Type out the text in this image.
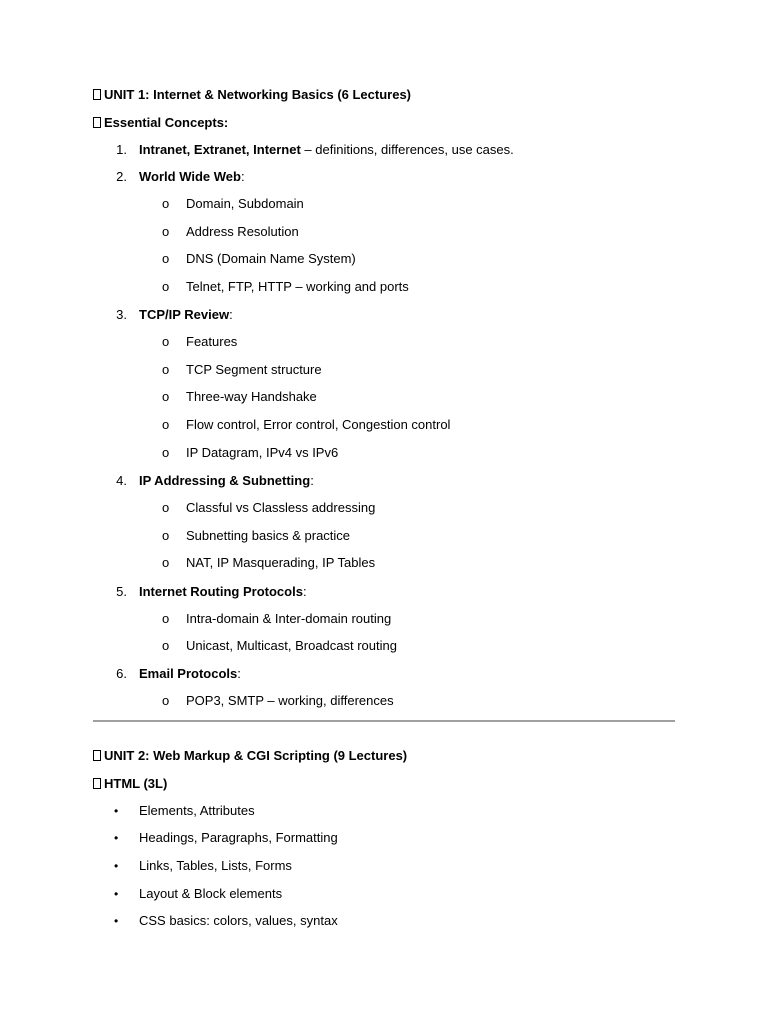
UNIT 1: Internet & Networking Basics (6 Lectures)
Essential Concepts:
1. Intranet, Extranet, Internet – definitions, differences, use cases.
2. World Wide Web:
o Domain, Subdomain
o Address Resolution
o DNS (Domain Name System)
o Telnet, FTP, HTTP – working and ports
3. TCP/IP Review:
o Features
o TCP Segment structure
o Three-way Handshake
o Flow control, Error control, Congestion control
o IP Datagram, IPv4 vs IPv6
4. IP Addressing & Subnetting:
o Classful vs Classless addressing
o Subnetting basics & practice
o NAT, IP Masquerading, IP Tables
5. Internet Routing Protocols:
o Intra-domain & Inter-domain routing
o Unicast, Multicast, Broadcast routing
6. Email Protocols:
o POP3, SMTP – working, differences
UNIT 2: Web Markup & CGI Scripting (9 Lectures)
HTML (3L)
• Elements, Attributes
• Headings, Paragraphs, Formatting
• Links, Tables, Lists, Forms
• Layout & Block elements
• CSS basics: colors, values, syntax
